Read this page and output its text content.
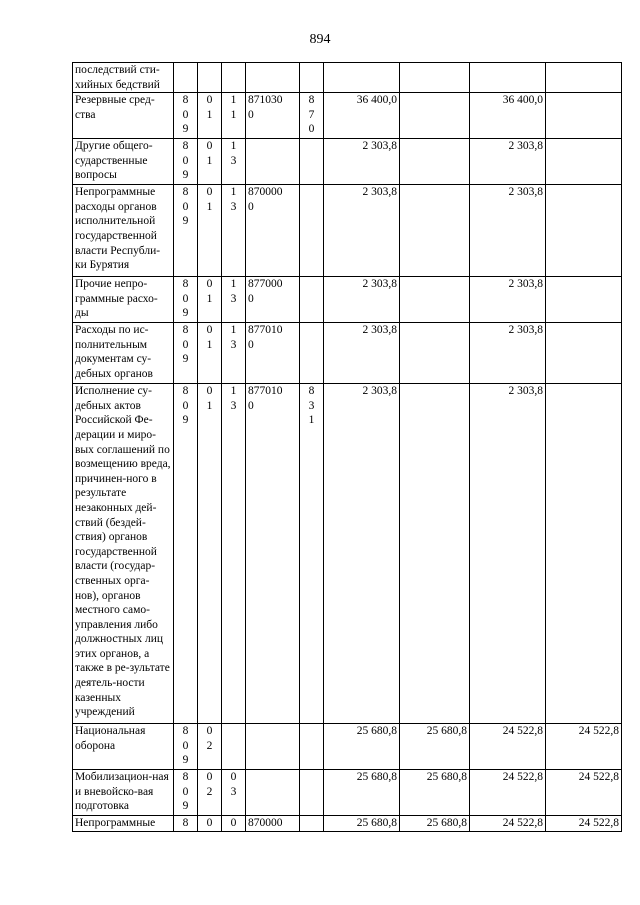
894
последствий сти-хийных бедствий	

Резервные сред-ства	809	01	11	8710300	870	36 400,0		36 400,0	
Другие общего-сударственные вопросы	809	01	13			2 303,8		2 303,8	
Непрограммные расходы органов исполнительной государственной власти Республи-ки Бурятия	809	01	13	8700000		2 303,8		2 303,8	
Прочие непро-граммные расхо-ды	809	01	13	8770000		2 303,8		2 303,8	
Расходы по ис-полнительным документам су-дебных органов	809	01	13	8770100		2 303,8		2 303,8	
Исполнение су-дебных актов Российской Фе-дерации и миро-вых соглашений по возмещению вреда, причинен-ного в результате незаконных дей-ствий (бездей-ствия) органов государственной власти (государ-ственных орга-нов), органов местного само-управления либо должностных лиц этих органов, а также в ре-зультате деятель-ности казенных учреждений	809	01	13	8770100	831	2 303,8		2 303,8	
Национальная оборона	809	02				25 680,8	25 680,8	24 522,8	24 522,8
Мобилизацион-ная и вневойско-вая подготовка	809	02	03			25 680,8	25 680,8	24 522,8	24 522,8
Непрограммные	8	0	0	870000		25 680,8	25 680,8	24 522,8	24 522,8
